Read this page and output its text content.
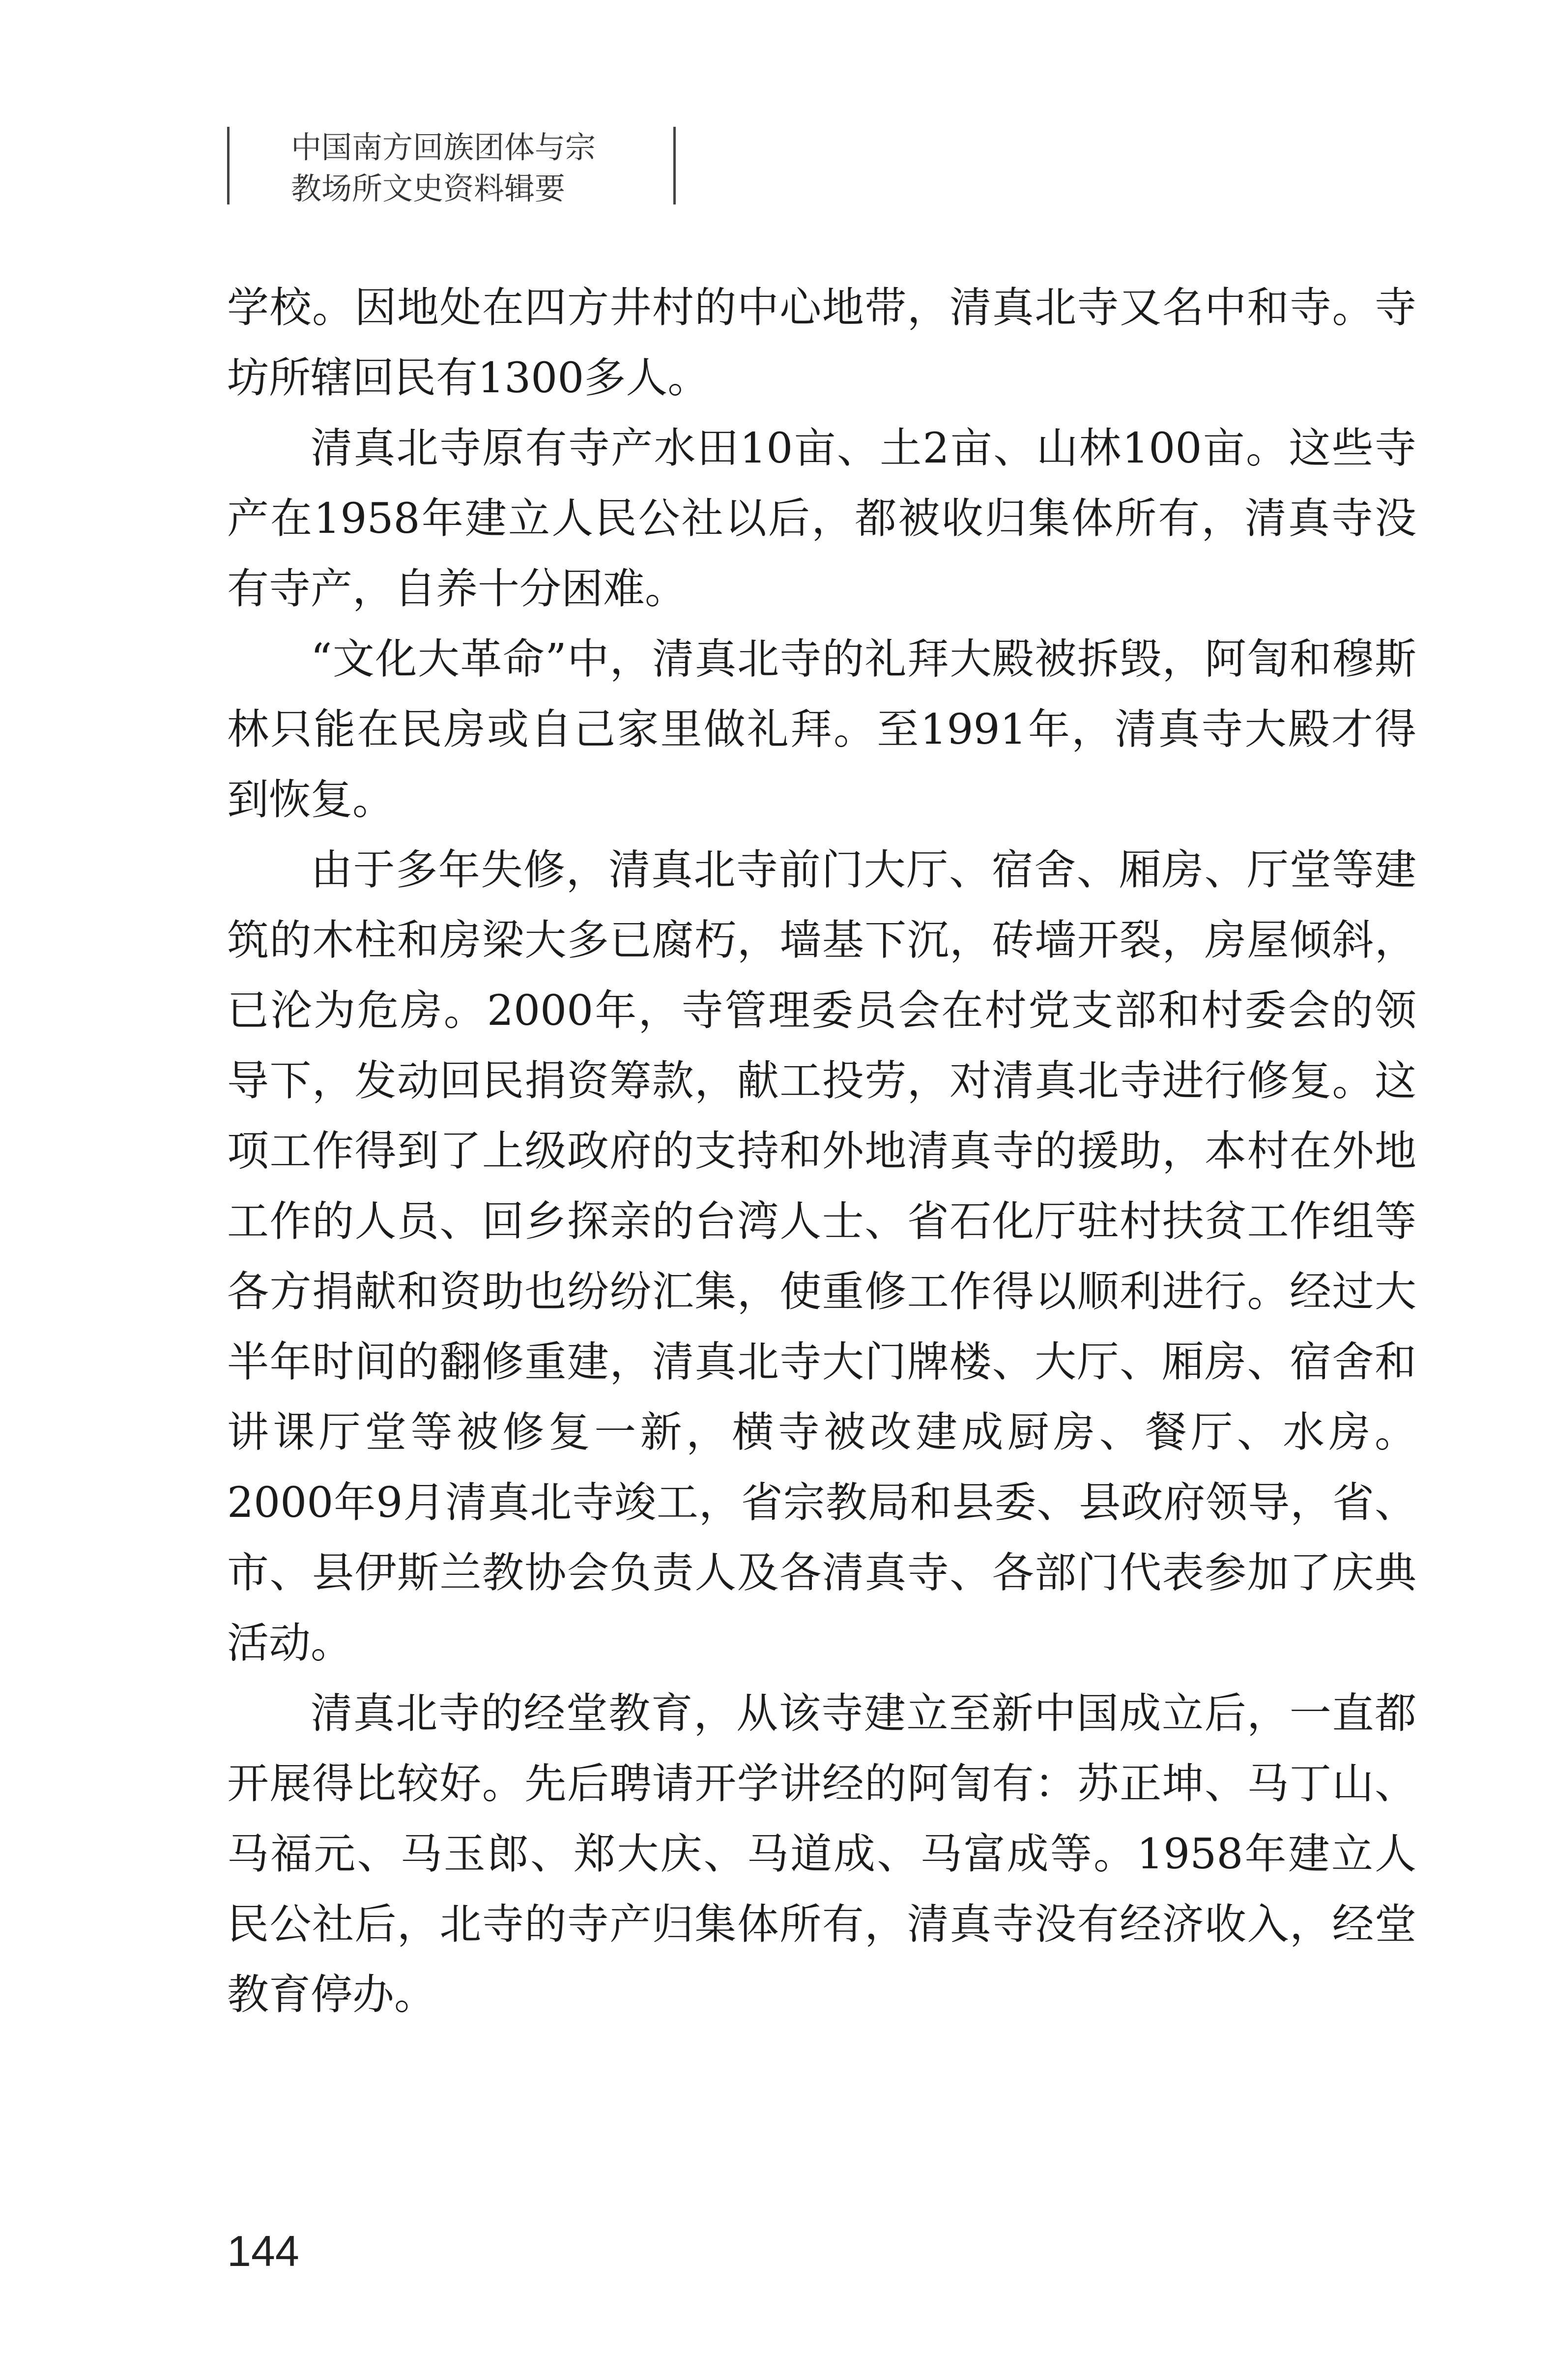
中国南方回族团体与宗
教场所文史资料辑要

学校。因地处在四方井村的中心地带，清真北寺又名中和寺。寺坊所辖回民有1300多人。

清真北寺原有寺产水田10亩、土2亩、山林100亩。这些寺产在1958年建立人民公社以后，都被收归集体所有，清真寺没有寺产，自养十分困难。

“文化大革命”中，清真北寺的礼拜大殿被拆毁，阿訇和穆斯林只能在民房或自己家里做礼拜。至1991年，清真寺大殿才得到恢复。

由于多年失修，清真北寺前门大厅、宿舍、厢房、厅堂等建筑的木柱和房梁大多已腐朽，墙基下沉，砖墙开裂，房屋倾斜，已沦为危房。2000年，寺管理委员会在村党支部和村委会的领导下，发动回民捐资筹款，献工投劳，对清真北寺进行修复。这项工作得到了上级政府的支持和外地清真寺的援助，本村在外地工作的人员、回乡探亲的台湾人士、省石化厅驻村扶贫工作组等各方捐献和资助也纷纷汇集，使重修工作得以顺利进行。经过大半年时间的翻修重建，清真北寺大门牌楼、大厅、厢房、宿舍和讲课厅堂等被修复一新，横寺被改建成厨房、餐厅、水房。2000年9月清真北寺竣工，省宗教局和县委、县政府领导，省、市、县伊斯兰教协会负责人及各清真寺、各部门代表参加了庆典活动。

清真北寺的经堂教育，从该寺建立至新中国成立后，一直都开展得比较好。先后聘请开学讲经的阿訇有：苏正坤、马丁山、马福元、马玉郎、郑大庆、马道成、马富成等。1958年建立人民公社后，北寺的寺产归集体所有，清真寺没有经济收入，经堂教育停办。

144
